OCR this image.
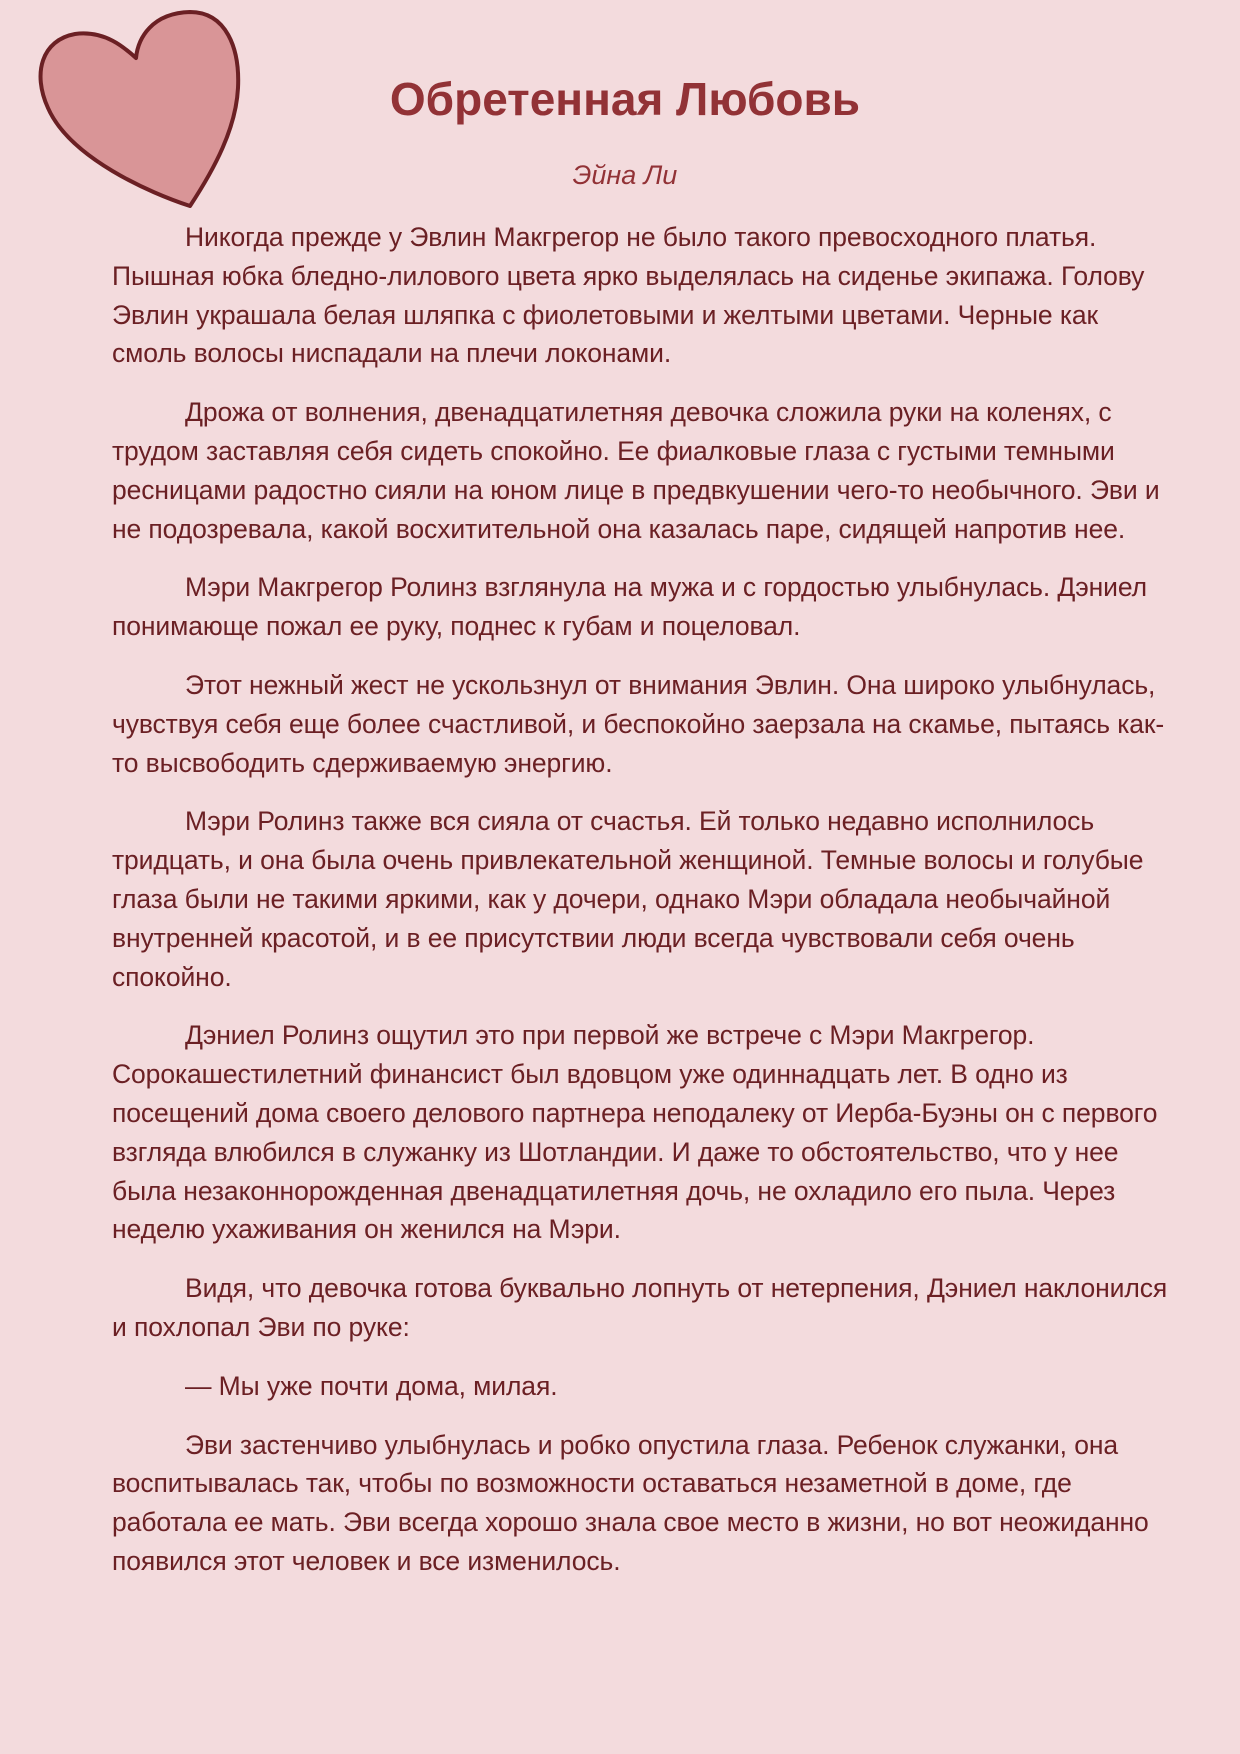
Обретенная Любовь
Эйна Ли

Никогда прежде у Эвлин Макгрегор не было такого превосходного платья. Пышная юбка бледно-лилового цвета ярко выделялась на сиденье экипажа. Голову Эвлин украшала белая шляпка с фиолетовыми и желтыми цветами. Черные как смоль волосы ниспадали на плечи локонами.

Дрожа от волнения, двенадцатилетняя девочка сложила руки на коленях, с трудом заставляя себя сидеть спокойно. Ее фиалковые глаза с густыми темными ресницами радостно сияли на юном лице в предвкушении чего-то необычного. Эви и не подозревала, какой восхитительной она казалась паре, сидящей напротив нее.

Мэри Макгрегор Ролинз взглянула на мужа и с гордостью улыбнулась. Дэниел понимающе пожал ее руку, поднес к губам и поцеловал.

Этот нежный жест не ускользнул от внимания Эвлин. Она широко улыбнулась, чувствуя себя еще более счастливой, и беспокойно заерзала на скамье, пытаясь как-то высвободить сдерживаемую энергию.

Мэри Ролинз также вся сияла от счастья. Ей только недавно исполнилось тридцать, и она была очень привлекательной женщиной. Темные волосы и голубые глаза были не такими яркими, как у дочери, однако Мэри обладала необычайной внутренней красотой, и в ее присутствии люди всегда чувствовали себя очень спокойно.

Дэниел Ролинз ощутил это при первой же встрече с Мэри Макгрегор. Сорокашестилетний финансист был вдовцом уже одиннадцать лет. В одно из посещений дома своего делового партнера неподалеку от Иерба-Буэны он с первого взгляда влюбился в служанку из Шотландии. И даже то обстоятельство, что у нее была незаконнорожденная двенадцатилетняя дочь, не охладило его пыла. Через неделю ухаживания он женился на Мэри.

Видя, что девочка готова буквально лопнуть от нетерпения, Дэниел наклонился и похлопал Эви по руке:

— Мы уже почти дома, милая.

Эви застенчиво улыбнулась и робко опустила глаза. Ребенок служанки, она воспитывалась так, чтобы по возможности оставаться незаметной в доме, где работала ее мать. Эви всегда хорошо знала свое место в жизни, но вот неожиданно появился этот человек и все изменилось.
